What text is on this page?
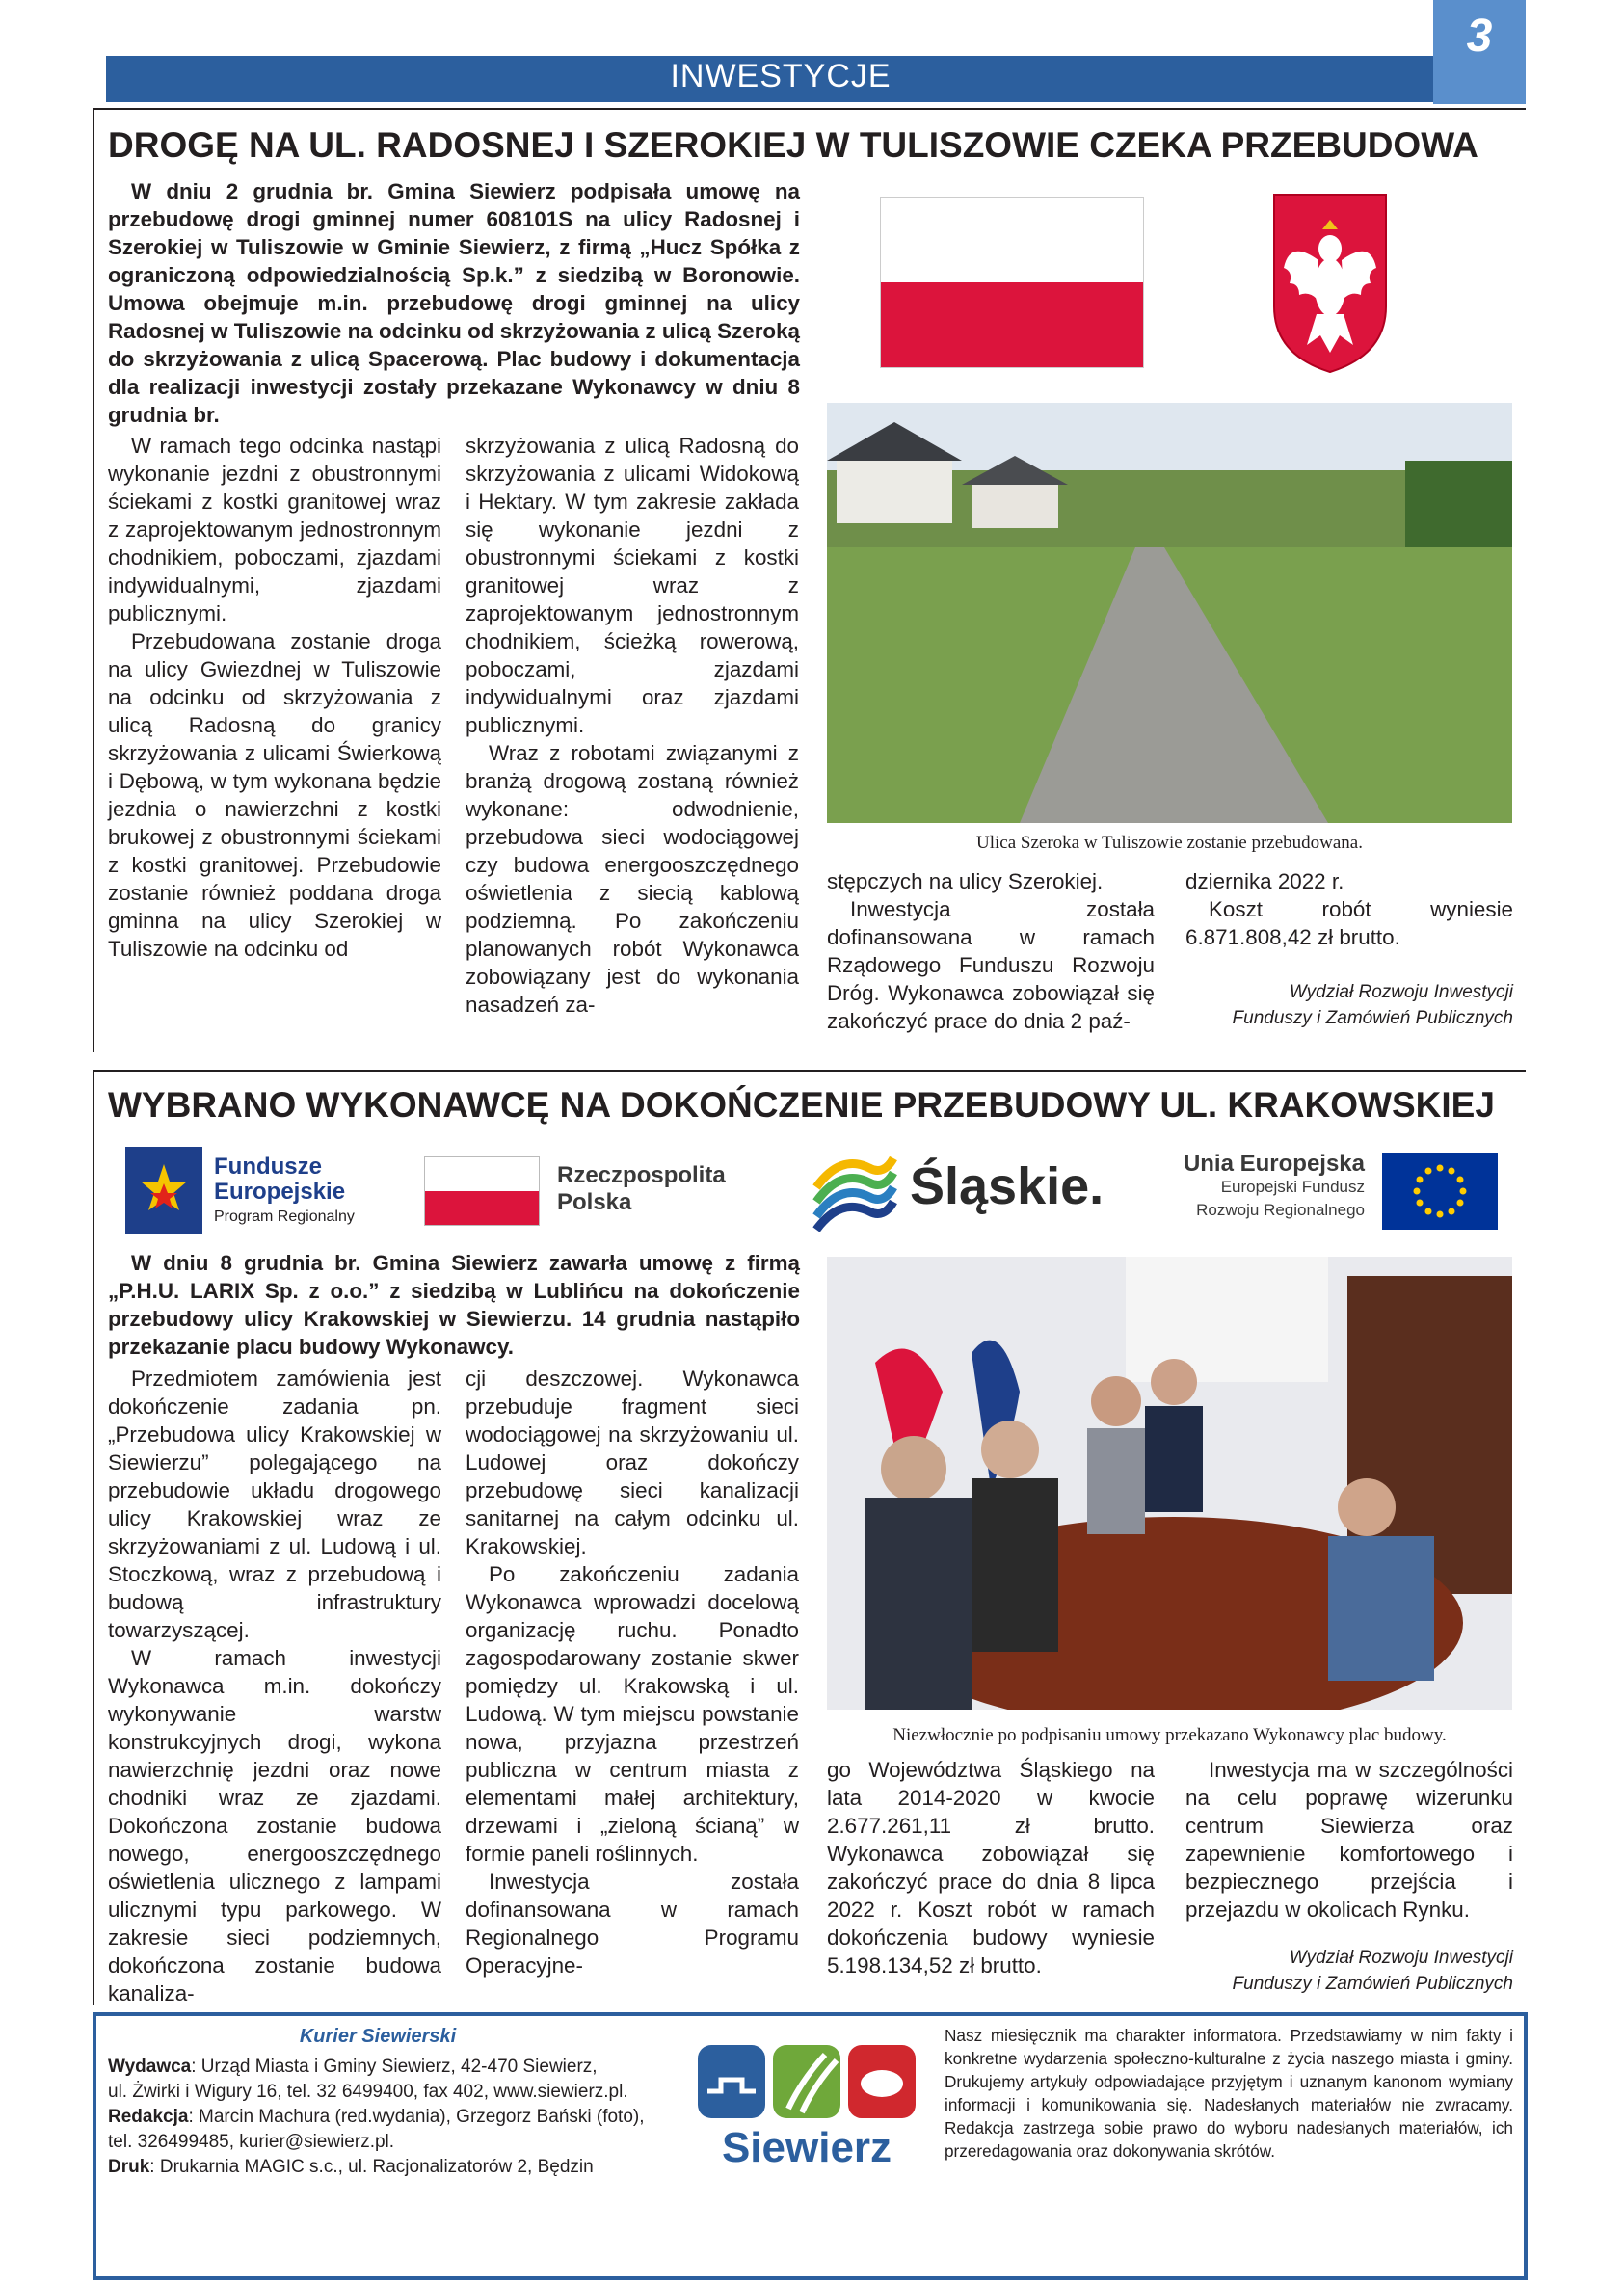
INWESTYCJE
3
DROGĘ NA UL. RADOSNEJ I SZEROKIEJ W TULISZOWIE CZEKA PRZEBUDOWA
W dniu 2 grudnia br. Gmina Siewierz podpisała umowę na przebudowę drogi gminnej numer 608101S na ulicy Radosnej i Szerokiej w Tuliszowie w Gminie Siewierz, z firmą „Hucz Spółka z ograniczoną odpowiedzialnością Sp.k.” z siedzibą w Boronowie. Umowa obejmuje m.in. przebudowę drogi gminnej na ulicy Radosnej w Tuliszowie na odcinku od skrzyżowania z ulicą Szeroką do skrzyżowania z ulicą Spacerową. Plac budowy i dokumentacja dla realizacji inwestycji zostały przekazane Wykonawcy w dniu 8 grudnia br.

W ramach tego odcinka nastąpi wykonanie jezdni z obustronnymi ściekami z kostki granitowej wraz z zaprojektowanym jednostronnym chodnikiem, poboczami, zjazdami indywidualnymi, zjazdami publicznymi.

Przebudowana zostanie droga na ulicy Gwiezdnej w Tuliszowie na odcinku od skrzyżowania z ulicą Radosną do granicy skrzyżowania z ulicami Świerkową i Dębową, w tym wykonana będzie jezdnia o nawierzchni z kostki brukowej z obustronnymi ściekami z kostki granitowej. Przebudowie zostanie również poddana droga gminna na ulicy Szerokiej w Tuliszowie na odcinku od

skrzyżowania z ulicą Radosną do skrzyżowania z ulicami Widokową i Hektary. W tym zakresie zakłada się wykonanie jezdni z obustronnymi ściekami z kostki granitowej wraz z zaprojektowanym jednostronnym chodnikiem, ścieżką rowerową, poboczami, zjazdami indywidualnymi oraz zjazdami publicznymi.

Wraz z robotami związanymi z branżą drogową zostaną również wykonane: odwodnienie, przebudowa sieci wodociągowej czy budowa energooszczędnego oświetlenia z siecią kablową podziemną. Po zakończeniu planowanych robót Wykonawca zobowiązany jest do wykonania nasadzeń za-

Ulica Szeroka w Tuliszowie zostanie przebudowana.

stępczych na ulicy Szerokiej.

Inwestycja została dofinansowana w ramach Rządowego Funduszu Rozwoju Dróg. Wykonawca zobowiązał się zakończyć prace do dnia 2 paź-

dziernika 2022 r.

Koszt robót wyniesie 6.871.808,42 zł brutto.

Wydział Rozwoju Inwestycji
Funduszy i Zamówień Publicznych
WYBRANO WYKONAWCĘ NA DOKOŃCZENIE PRZEBUDOWY UL. KRAKOWSKIEJ
Fundusze
Europejskie
Program Regionalny
Rzeczpospolita
Polska	Śląskie.	Unia Europejska
Europejski Fundusz
Rozwoju Regionalnego
W dniu 8 grudnia br. Gmina Siewierz zawarła umowę z firmą „P.H.U. LARIX Sp. z o.o.” z siedzibą w Lublińcu na dokończenie przebudowy ulicy Krakowskiej w Siewierzu. 14 grudnia nastąpiło przekazanie placu budowy Wykonawcy.

Przedmiotem zamówienia jest dokończenie zadania pn. „Przebudowa ulicy Krakowskiej w Siewierzu” polegającego na przebudowie układu drogowego ulicy Krakowskiej wraz ze skrzyżowaniami z ul. Ludową i ul. Stoczkową, wraz z przebudową i budową infrastruktury towarzyszącej.

W ramach inwestycji Wykonawca m.in. dokończy wykonywanie warstw konstrukcyjnych drogi, wykona nawierzchnię jezdni oraz nowe chodniki wraz ze zjazdami. Dokończona zostanie budowa nowego, energooszczędnego oświetlenia ulicznego z lampami ulicznymi typu parkowego. W zakresie sieci podziemnych, dokończona zostanie budowa kanaliza-

cji deszczowej. Wykonawca przebuduje fragment sieci wodociągowej na skrzyżowaniu ul. Ludowej oraz dokończy przebudowę sieci kanalizacji sanitarnej na całym odcinku ul. Krakowskiej.

Po zakończeniu zadania Wykonawca wprowadzi docelową organizację ruchu. Ponadto zagospodarowany zostanie skwer pomiędzy ul. Krakowską i ul. Ludową. W tym miejscu powstanie nowa, przyjazna przestrzeń publiczna w centrum miasta z elementami małej architektury, drzewami i „zieloną ścianą” w formie paneli roślinnych.

Inwestycja została dofinansowana w ramach Regionalnego Programu Operacyjne-

Niezwłocznie po podpisaniu umowy przekazano Wykonawcy plac budowy.

go Województwa Śląskiego na lata 2014-2020 w kwocie 2.677.261,11 zł brutto. Wykonawca zobowiązał się zakończyć prace do dnia 8 lipca 2022 r. Koszt robót w ramach dokończenia budowy wyniesie 5.198.134,52 zł brutto.

Inwestycja ma w szczególności na celu poprawę wizerunku centrum Siewierza oraz zapewnienie komfortowego i bezpiecznego przejścia i przejazdu w okolicach Rynku.

Wydział Rozwoju Inwestycji
Funduszy i Zamówień Publicznych
Kurier Siewierski
Wydawca: Urząd Miasta i Gminy Siewierz, 42-470 Siewierz,
ul. Żwirki i Wigury 16, tel. 32 6499400, fax 402, www.siewierz.pl.
Redakcja: Marcin Machura (red.wydania), Grzegorz Bański (foto),
tel. 326499485, kurier@siewierz.pl.
Druk: Drukarnia MAGIC s.c., ul. Racjonalizatorów 2, Będzin	Siewierz
Nasz miesięcznik ma charakter informatora. Przedstawiamy w nim fakty i konkretne wydarzenia społeczno-kulturalne z życia naszego miasta i gminy. Drukujemy artykuły odpowiadające przyjętym i uznanym kanonom wymiany informacji i komunikowania się. Nadesłanych materiałów nie zwracamy. Redakcja zastrzega sobie prawo do wyboru nadesłanych materiałów, ich przeredagowania oraz dokonywania skrótów.
